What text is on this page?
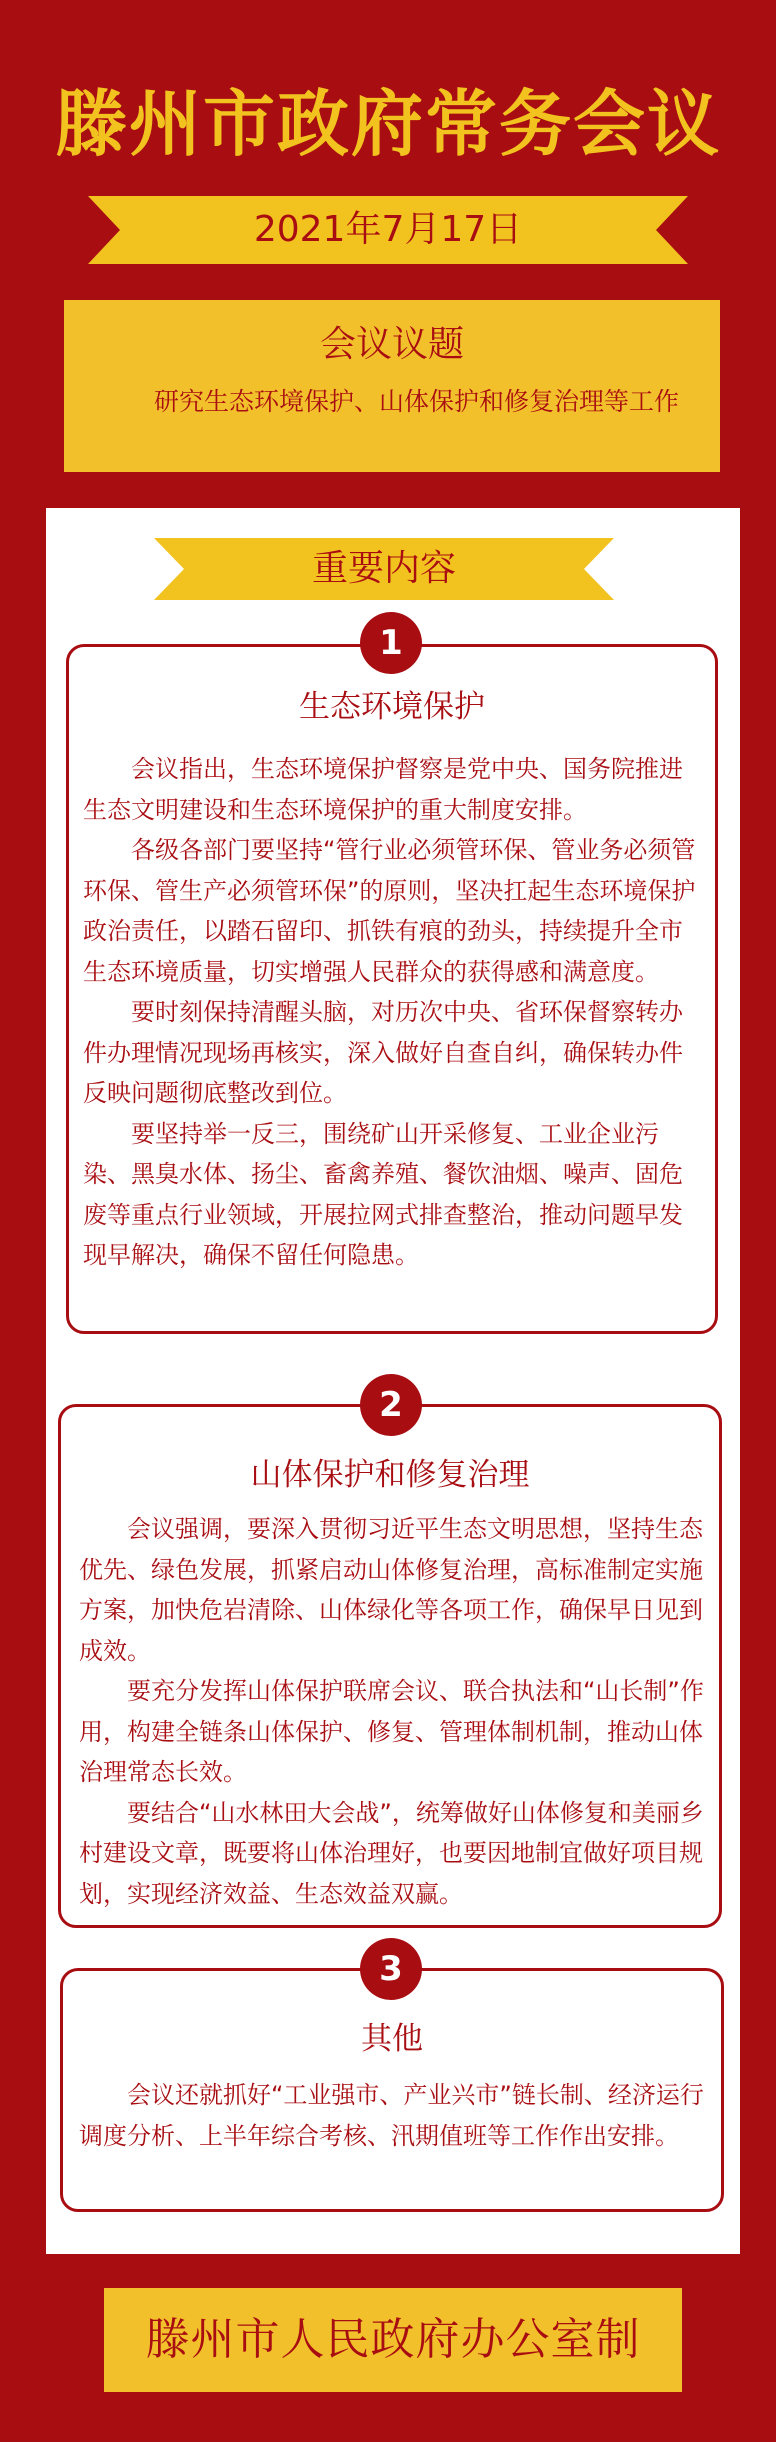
滕州市政府常务会议
2021年7月17日
会议议题
研究生态环境保护、山体保护和修复治理等工作
重要内容
生态环境保护

会议指出，生态环境保护督察是党中央、国务院推进生态文明建设和生态环境保护的重大制度安排。

各级各部门要坚持“管行业必须管环保、管业务必须管环保、管生产必须管环保”的原则，坚决扛起生态环境保护政治责任，以踏石留印、抓铁有痕的劲头，持续提升全市生态环境质量，切实增强人民群众的获得感和满意度。

要时刻保持清醒头脑，对历次中央、省环保督察转办件办理情况现场再核实，深入做好自查自纠，确保转办件反映问题彻底整改到位。

要坚持举一反三，围绕矿山开采修复、工业企业污染、黑臭水体、扬尘、畜禽养殖、餐饮油烟、噪声、固危废等重点行业领域，开展拉网式排查整治，推动问题早发现早解决，确保不留任何隐患。

1
山体保护和修复治理

会议强调，要深入贯彻习近平生态文明思想，坚持生态优先、绿色发展，抓紧启动山体修复治理，高标准制定实施方案，加快危岩清除、山体绿化等各项工作，确保早日见到成效。

要充分发挥山体保护联席会议、联合执法和“山长制”作用，构建全链条山体保护、修复、管理体制机制，推动山体治理常态长效。

要结合“山水林田大会战”，统筹做好山体修复和美丽乡村建设文章，既要将山体治理好，也要因地制宜做好项目规划，实现经济效益、生态效益双赢。

2
其他

会议还就抓好“工业强市、产业兴市”链长制、经济运行调度分析、上半年综合考核、汛期值班等工作作出安排。

3
滕州市人民政府办公室制
